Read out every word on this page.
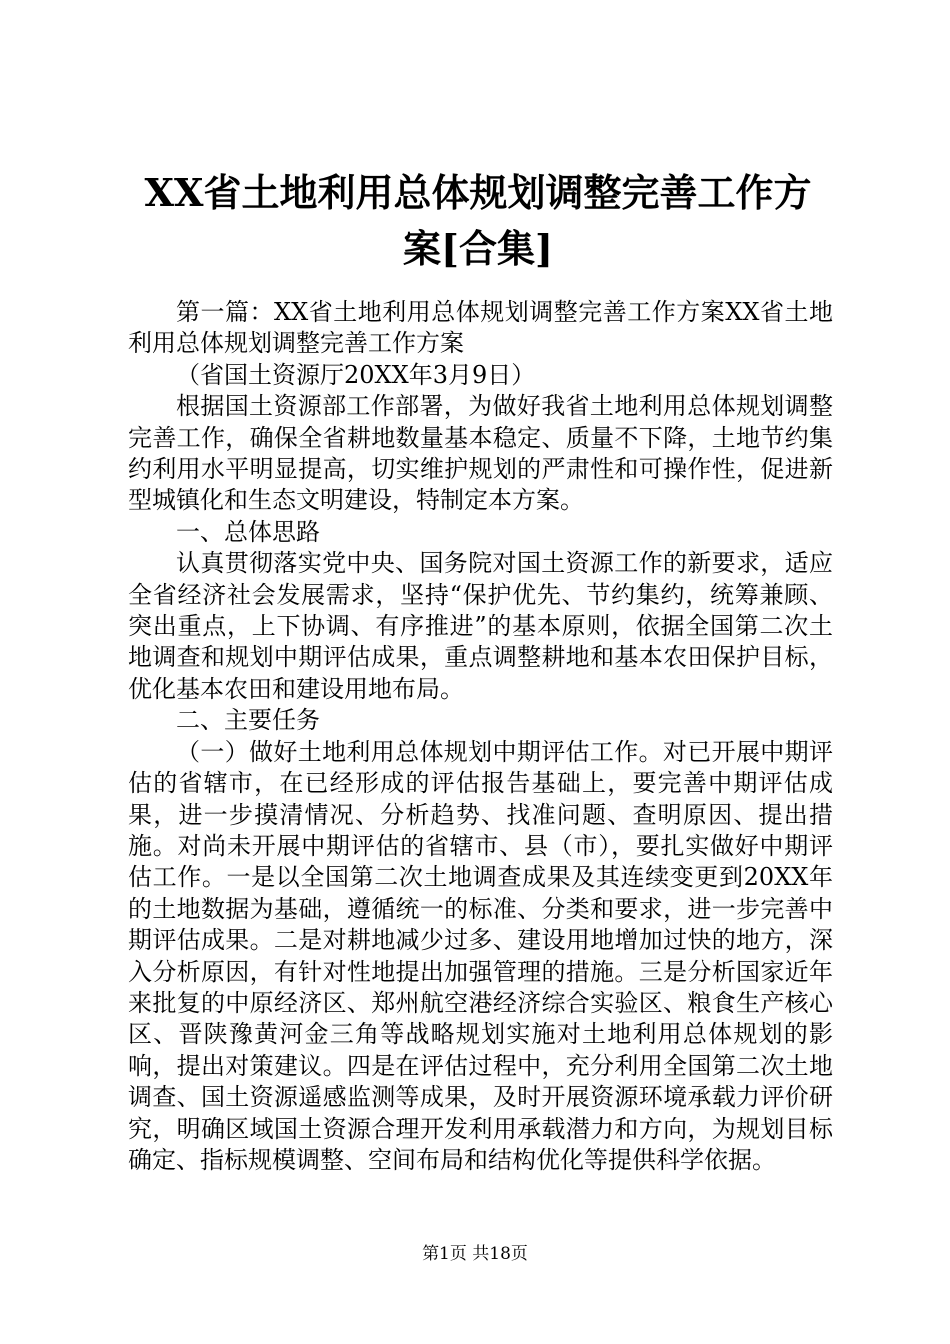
XX省土地利用总体规划调整完善工作方案[合集]

第一篇：XX省土地利用总体规划调整完善工作方案XX省土地利用总体规划调整完善工作方案

（省国土资源厅20XX年3月9日）

根据国土资源部工作部署，为做好我省土地利用总体规划调整完善工作，确保全省耕地数量基本稳定、质量不下降，土地节约集约利用水平明显提高，切实维护规划的严肃性和可操作性，促进新型城镇化和生态文明建设，特制定本方案。

一、总体思路

认真贯彻落实党中央、国务院对国土资源工作的新要求，适应全省经济社会发展需求，坚持“保护优先、节约集约，统筹兼顾、突出重点，上下协调、有序推进”的基本原则，依据全国第二次土地调查和规划中期评估成果，重点调整耕地和基本农田保护目标，优化基本农田和建设用地布局。

二、主要任务

（一）做好土地利用总体规划中期评估工作。对已开展中期评估的省辖市，在已经形成的评估报告基础上，要完善中期评估成果，进一步摸清情况、分析趋势、找准问题、查明原因、提出措施。对尚未开展中期评估的省辖市、县（市），要扎实做好中期评估工作。一是以全国第二次土地调查成果及其连续变更到20XX年的土地数据为基础，遵循统一的标准、分类和要求，进一步完善中期评估成果。二是对耕地减少过多、建设用地增加过快的地方，深入分析原因，有针对性地提出加强管理的措施。三是分析国家近年来批复的中原经济区、郑州航空港经济综合实验区、粮食生产核心区、晋陕豫黄河金三角等战略规划实施对土地利用总体规划的影响，提出对策建议。四是在评估过程中，充分利用全国第二次土地调查、国土资源遥感监测等成果，及时开展资源环境承载力评价研究，明确区域国土资源合理开发利用承载潜力和方向，为规划目标确定、指标规模调整、空间布局和结构优化等提供科学依据。

第1页 共18页
